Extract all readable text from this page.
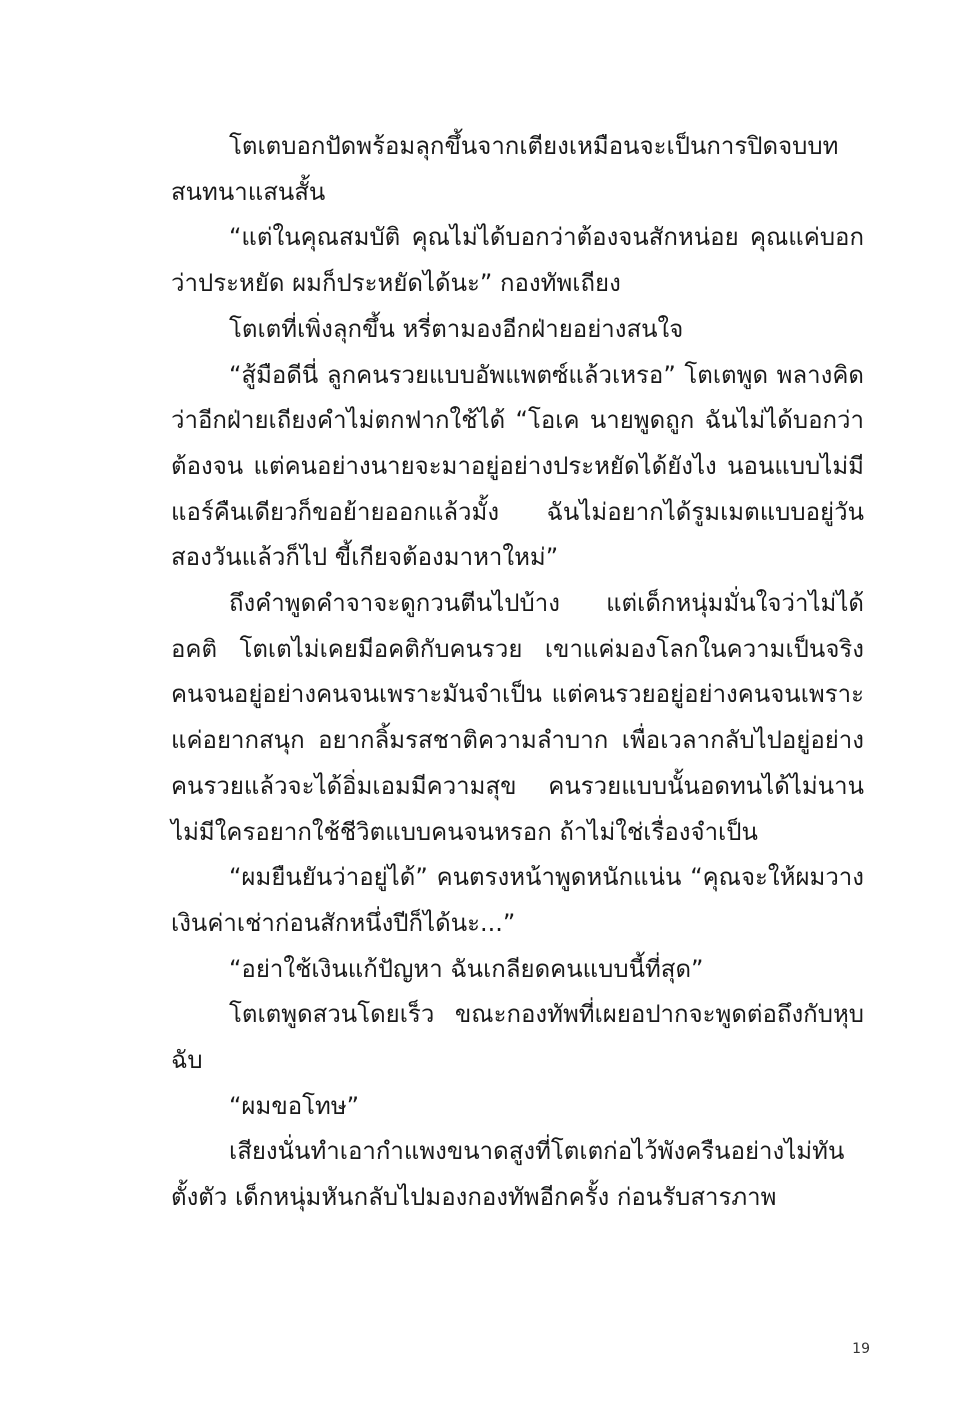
โตเตบอกปัดพร้อมลุกขึ้นจากเตียงเหมือนจะเป็นการปิดจบบทสนทนาแสนสั้น

“แต่ในคุณสมบัติ คุณไม่ได้บอกว่าต้องจนสักหน่อย คุณแค่บอกว่าประหยัด ผมก็ประหยัดได้นะ” กองทัพเถียง

โตเตที่เพิ่งลุกขึ้น หรี่ตามองอีกฝ่ายอย่างสนใจ

“สู้มือดีนี่ ลูกคนรวยแบบอัพแพตซ์แล้วเหรอ” โตเตพูด พลางคิดว่าอีกฝ่ายเถียงคำไม่ตกฟากใช้ได้ “โอเค นายพูดถูก ฉันไม่ได้บอกว่าต้องจน แต่คนอย่างนายจะมาอยู่อย่างประหยัดได้ยังไง นอนแบบไม่มีแอร์คืนเดียวก็ขอย้ายออกแล้วมั้ง ฉันไม่อยากได้รูมเมตแบบอยู่วันสองวันแล้วก็ไป ขี้เกียจต้องมาหาใหม่”

ถึงคำพูดคำจาจะดูกวนตีนไปบ้าง แต่เด็กหนุ่มมั่นใจว่าไม่ได้อคติ โตเตไม่เคยมีอคติกับคนรวย เขาแค่มองโลกในความเป็นจริง คนจนอยู่อย่างคนจนเพราะมันจำเป็น แต่คนรวยอยู่อย่างคนจนเพราะแค่อยากสนุก อยากลิ้มรสชาติความลำบาก เพื่อเวลากลับไปอยู่อย่างคนรวยแล้วจะได้อิ่มเอมมีความสุข คนรวยแบบนั้นอดทนได้ไม่นาน ไม่มีใครอยากใช้ชีวิตแบบคนจนหรอก ถ้าไม่ใช่เรื่องจำเป็น

“ผมยืนยันว่าอยู่ได้” คนตรงหน้าพูดหนักแน่น “คุณจะให้ผมวางเงินค่าเช่าก่อนสักหนึ่งปีก็ได้นะ...”

“อย่าใช้เงินแก้ปัญหา ฉันเกลียดคนแบบนี้ที่สุด”

โตเตพูดสวนโดยเร็ว ขณะกองทัพที่เผยอปากจะพูดต่อถึงกับหุบฉับ

“ผมขอโทษ”

เสียงนั่นทำเอากำแพงขนาดสูงที่โตเตก่อไว้พังครืนอย่างไม่ทันตั้งตัว เด็กหนุ่มหันกลับไปมองกองทัพอีกครั้ง ก่อนรับสารภาพ

19
